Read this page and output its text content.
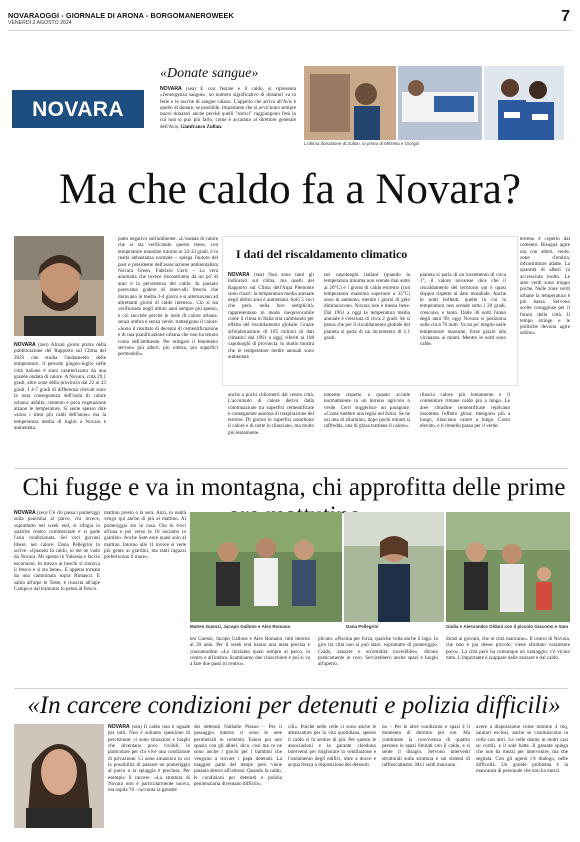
NOVARAOGGI - GIORNALE DI ARONA - BORGOMANEROWEEK
VENERDÌ 2 AGOSTO 2024	7
NOVARA
«Donate sangue»
NOVARA (sea) E con l'estate e il caldo, si ripresenta «l'emergenza sangue», un numero significativo di donatori va in ferie e le sacche di sangue calano. L'appello che arriva all'Avis è quello di donare, se possibile. Importante che si avvicinino sempre nuovi donatori anche perché quelli "storici" raggiungono l'età in cui non si può più farlo, come è accaduto al direttore generale dell'Avis, Gianfranco Zullan.
L'ultima donazione di Zullan, la prima di Michela e Giorgia
Ma che caldo fa a Novara?
NOVARA (zeo) Alcuni giorni prima della pubblicazione del Rapporto sul Clima del 2023 che studia l'andamento delle temperature, il periodo giugno-luglio nelle città italiane è stato caratterizzato da una grande ondata di calore. A Novara, città 29,1 gradi, altre zone della provincia dai 22 ai 25 gradi. I 4-7 gradi di differenza rilevati sono la nota conseguenza dell'isola di calore urbana: asfalto, cemento e poca vegetazione alzano le temperature. Si sente spesso dire «sono i mesi più caldi dell'anno» ma la temperatura media di luglio a Novara è aumentata.
patto negativo sull'ambiente. «L'ondata di calore che si sta verificando questo mese, con temperature massime intorno ai 32-33 gradi, è in realtà abbastanza normale – spiega l'autore del post e presidente dell'associazione ambientalista Novara Green, Fabrizio Cerri – La vera anomalia che invece riscontriamo da un po' di anni è la persistenza del caldo. In passato potevamo godere di intervalli freschi che duravano in media 3-4 giorni e si alternavano ad altrettanti giorni di caldo intenso». Ciò si sta verificando negli ultimi anni sempre più spesso, e ciò succede perché le isole di calore urbane, senza ombra e senza verde, trattengono il calore. «Sono il risultato di decenni di cementificazione e di una pianificazione urbana che non ha tenuto conto dell'ambiente. Per mitigare il fenomeno servono più alberi, più ombra, più superfici permeabili».
I dati del riscaldamento climatico
NOVARA (sea) Non sono tanti gli indicatori sul clima, ma quelli del Rapporto sul Clima dell'Arpa Piemonte sono chiari: la temperatura media annuale negli ultimi anni è aumentata. Solo 5 voci che però, nella loro semplicità, rappresentano in modo inequivocabile come il clima in Italia stia cambiando per effetto del riscaldamento globale. Grazie all'elaborazione di 185 milioni di dati climatici dal 1961 a oggi, riferiti ai 108 capoluoghi di provincia, lo studio mostra che le temperature medie annuali sono aumentate.
nei capoluoghi italiani (quando la temperatura minima non scende mai sotto ai 20°C) e i giorni di caldo estremo (con temperatura massima superiore a 35°C) sono in aumento, mentre i giorni di gelo diminuiscono. Novara non è messa bene. Dal 1961 a oggi la temperatura media annuale è cresciuta di circa 2 gradi. Se si pensa che per il riscaldamento globale del pianeta si parla di un incremento di 1,1 gradi.
pianeta si parla di un incremento di circa 1°, il valore novarese dice che il riscaldamento del territorio qui è quasi doppio rispetto al dato mondiale. Anche le notti bollenti, quelle in cui la temperatura non scende sotto i 20 gradi, crescono, e tanto. Dalle 30 notti l'anno degli anni 90, oggi Novara si posiziona sulle circa 70 notti. Va un po' meglio nelle temperature massime, forse grazie alla vicinanza ai monti. Mentre le notti sono calde.
anche a pochi chilometri dal centro città. L'accumulo di calore deriva dalla combinazione tra superfici cementificate e conseguente assenza di traspirazione del terreno. Di giorno le superfici assorbono il calore e di notte lo rilasciano, ma molto più lentamente.
tamente rispetto a quanto accade normalmente in un terreno agricolo o verde. Cerri suggerisce un paragone: «Come mettere una teglia nel forno. Se ne usi una di alluminio, dopo pochi minuti si raffredda, una di ghisa trattiene il calore».
rilascia calore più lentamente e il contenitore rimane caldo più a lungo. Le aree cittadine cementificate replicano insomma l'effetto ghisa: ritengono più a lungo, rilasciano calore a lungo. Costo elevato, e il rimedio passa per il verde.
terreno è coperto dal cemento. Bisogna agire ora con alberi, verde, zone d'ombra, infrastrutture adatte. La quantità di alberi va accresciuta molto. Le aree verdi sono troppo poche. Nelle zone verdi urbane la temperatura è più bassa. Servono scelte coraggiose per il futuro della città. Il tempo stringe e le politiche devono agire subito».
Chi fugge e va in montagna, chi approfitta delle prime
NOVARA (zeo) C'è chi passa i pomeriggi sulla panchina al parco, chi invece, soprattutto nei week end, si rifugia in qualche centro commerciale e si gode l'aria condizionata. Sei voci giovani libere, nel calore. Dana Pellegrini lo scrive: «Quando fa caldo, io me ne vado da Novara. Mi sposto in Valsesia e faccio escursioni. In mezzo ai boschi si rinnova il fresco e si sta bene». E appena tornata da una camminata sopra Rimasco. E salita all'alpe le Teste, è riuscita all'alpe Campo e dal tramonto lo pensa al fresco.
mattino presto o la sera. Anzi, in realtà vengo qui anche di più al mattino. Al pomeriggio sto in casa. Ora lo trovi all'una e poi verso le 18 usciamo in giardino. Anche Sam esce quasi solo al mattino. Intorno alle 11 invece si vede più gente ai giardini, ma tanti ragazzi preferiscono il mare».
Matteo Guenzi, Jacopo Gallone e Alex Romano	Dana Pellegrini	Giulia e Alessandro Oldani con il piccolo Giacomo e Sam
teo Guenzi, Jacopo Gallone e Alex Romano, tutti intorno ai 20 anni. Per il week end hanno una meta precisa e consuetudine: «Lo iniziamo quasi sempre al parco, in centro e all'ombra. Scambiamo due chiacchiere e poi si va a fare due passi in centro».
plicato. «Piscina per forza, qualche volta anche il lago. In giro tra città non si può stare, soprattutto di pomeriggio. Caldo, zanzare e un'umidità incredibile», dicono praticamente in coro. Servirebbero anche spazi e luoghi all'aperto.
dicati ai giovani, che in città mancano». Il centro di Novara, che non è pai dense piccole, viene sfruttato veramente poco». La città però ha comunque un vantaggio: c'è vicino tutto. L'importante è scappare dalle zanzare e dal caldo.
«In carcere condizioni per detenuti e polizia difficili»
NOVARA (sea) Il caldo non è uguale per tutti. Non è soltanto questione di percezione: ci sono situazioni e luoghi che diventano poco vivibili, in particolare per chi vive una condizione di privazione. Ci sono situazioni in cui la possibilità di passare un pomeriggio al parco o la spiaggia è preclusa. Per esempio il carcere. «La struttura di Novara non è particolarmente nuova, ma ospita 70 - racconta la garante
dei detenuti Nathalie Pisano – Per il passaggio interno ci sono le aree perimetrali in cemento. Fanno poi uno spazio con gli alberi, dico, cosi ma ce ne sono anche i giochi per i bambini che vengono a trovare i papà detenuti. La maggior parte del tempo però viene passata dentro all'istituto. Quando fa caldo, le condizioni per detenuti e polizia penitenziaria diventano difficili».
cili». Poiché nelle celle ci sono anche le attrezzature per la vita quotidiana, spesso il caldo si fa sentire di più. Per questo le associazioni e la garante chiedono interventi per migliorare la ventilazione e l'isolamento degli edifici, oltre a docce e acqua fresca a disposizione dei detenuti.
no – Per le altre condizioni e spazi è il momento di dormire per ore. Ma combinate la convivenza di quattro persone in spazi limitati con il caldo, e si sente il disagio. Servono interventi strutturali sulla struttura e sui sistemi di raffrescamento. Ma i soldi mancano.
avere a disposizione come minimo 4 mq, sanitari esclusi, anche se costituiscono la cella con altri. Le celle danno in molti casi su cortili, e il sole batte. Il garante spiega che non ha mezzi per intervenire, ma che segnala. Con gli agenti c'è dialogo, nelle difficoltà. Un grande problema è la mancanza di personale che non ha mezzi.
